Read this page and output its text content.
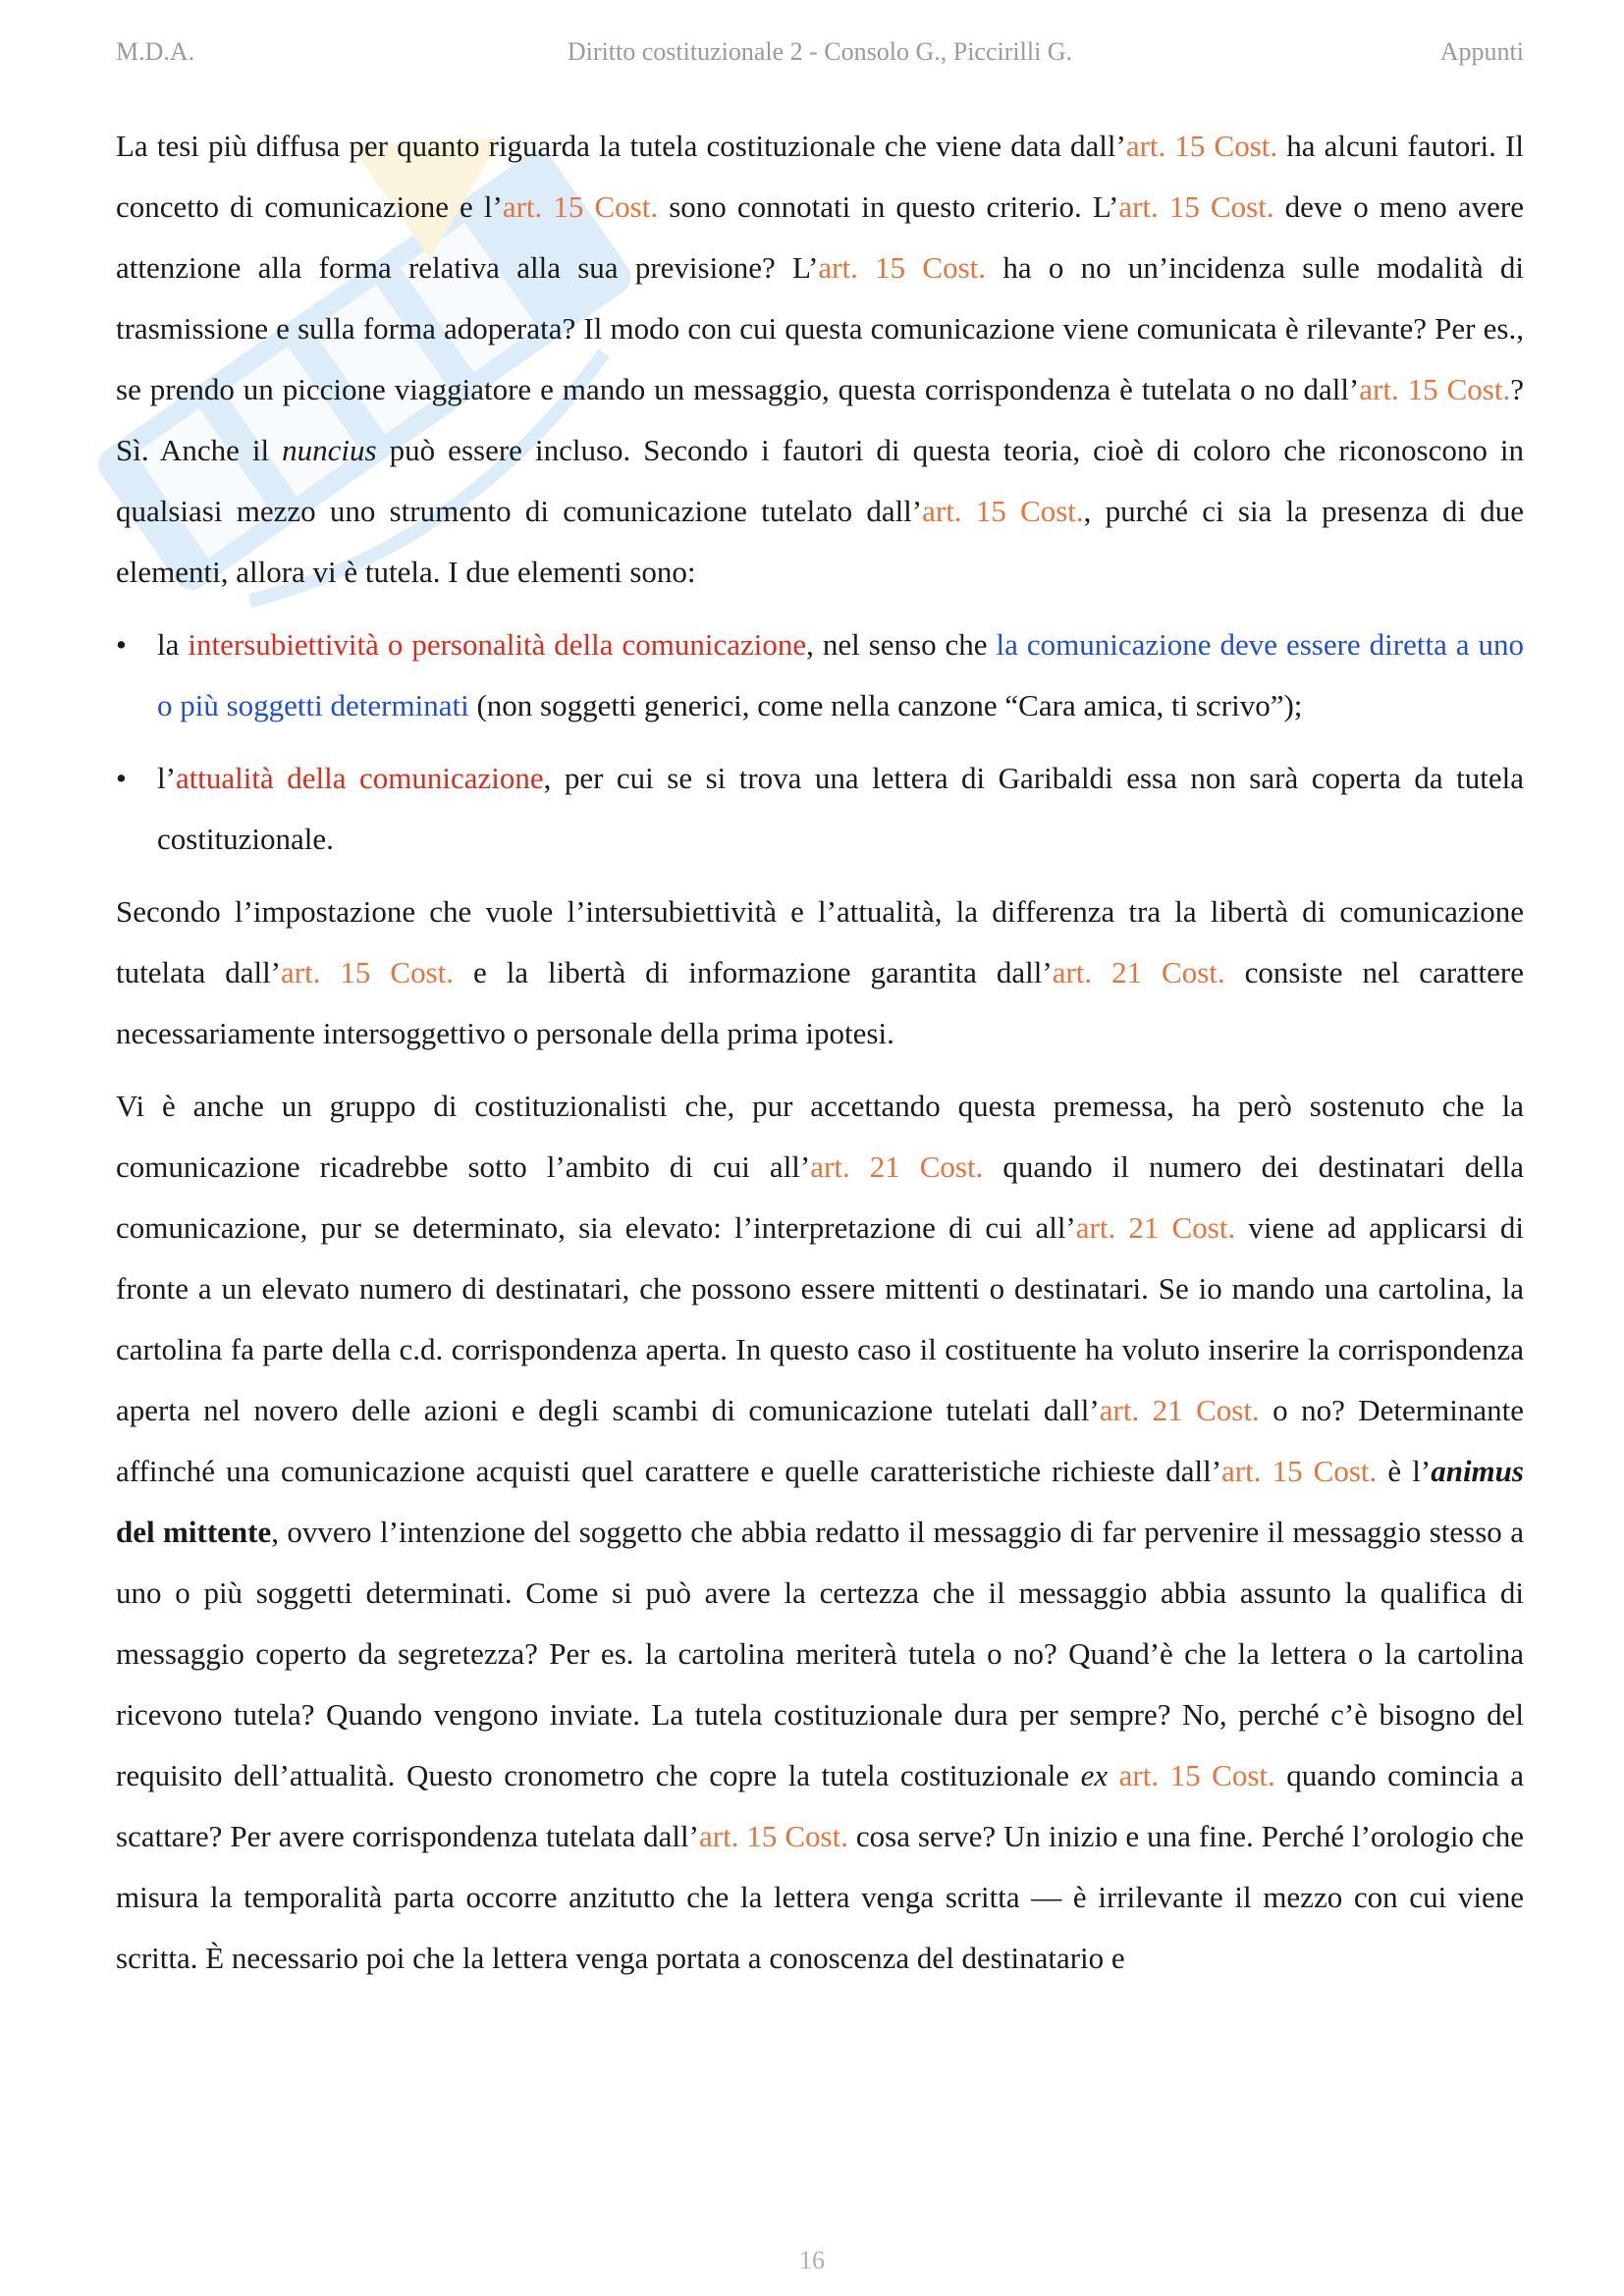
M.D.A.	Diritto costituzionale 2 - Consolo G., Piccirilli G.	Appunti

La tesi più diffusa per quanto riguarda la tutela costituzionale che viene data dall’art. 15 Cost. ha alcuni fautori. Il concetto di comunicazione e l’art. 15 Cost. sono connotati in questo criterio. L’art. 15 Cost. deve o meno avere attenzione alla forma relativa alla sua previsione? L’art. 15 Cost. ha o no un’incidenza sulle modalità di trasmissione e sulla forma adoperata? Il modo con cui questa comunicazione viene comunicata è rilevante? Per es., se prendo un piccione viaggiatore e mando un messaggio, questa corrispondenza è tutelata o no dall’art. 15 Cost.? Sì. Anche il nuncius può essere incluso. Secondo i fautori di questa teoria, cioè di coloro che riconoscono in qualsiasi mezzo uno strumento di comunicazione tutelato dall’art. 15 Cost., purché ci sia la presenza di due elementi, allora vi è tutela. I due elementi sono:

• la intersubiettività o personalità della comunicazione, nel senso che la comunicazione deve essere diretta a uno o più soggetti determinati (non soggetti generici, come nella canzone “Cara amica, ti scrivo”);
• l’attualità della comunicazione, per cui se si trova una lettera di Garibaldi essa non sarà coperta da tutela costituzionale.

Secondo l’impostazione che vuole l’intersubiettività e l’attualità, la differenza tra la libertà di comunicazione tutelata dall’art. 15 Cost. e la libertà di informazione garantita dall’art. 21 Cost. consiste nel carattere necessariamente intersoggettivo o personale della prima ipotesi.

Vi è anche un gruppo di costituzionalisti che, pur accettando questa premessa, ha però sostenuto che la comunicazione ricadrebbe sotto l’ambito di cui all’art. 21 Cost. quando il numero dei destinatari della comunicazione, pur se determinato, sia elevato: l’interpretazione di cui all’art. 21 Cost. viene ad applicarsi di fronte a un elevato numero di destinatari, che possono essere mittenti o destinatari. Se io mando una cartolina, la cartolina fa parte della c.d. corrispondenza aperta. In questo caso il costituente ha voluto inserire la corrispondenza aperta nel novero delle azioni e degli scambi di comunicazione tutelati dall’art. 21 Cost. o no? Determinante affinché una comunicazione acquisti quel carattere e quelle caratteristiche richieste dall’art. 15 Cost. è l’animus del mittente, ovvero l’intenzione del soggetto che abbia redatto il messaggio di far pervenire il messaggio stesso a uno o più soggetti determinati. Come si può avere la certezza che il messaggio abbia assunto la qualifica di messaggio coperto da segretezza? Per es. la cartolina meriterà tutela o no? Quand’è che la lettera o la cartolina ricevono tutela? Quando vengono inviate. La tutela costituzionale dura per sempre? No, perché c’è bisogno del requisito dell’attualità. Questo cronometro che copre la tutela costituzionale ex art. 15 Cost. quando comincia a scattare? Per avere corrispondenza tutelata dall’art. 15 Cost. cosa serve? Un inizio e una fine. Perché l’orologio che misura la temporalità parta occorre anzitutto che la lettera venga scritta — è irrilevante il mezzo con cui viene scritta. È necessario poi che la lettera venga portata a conoscenza del destinatario e

16
